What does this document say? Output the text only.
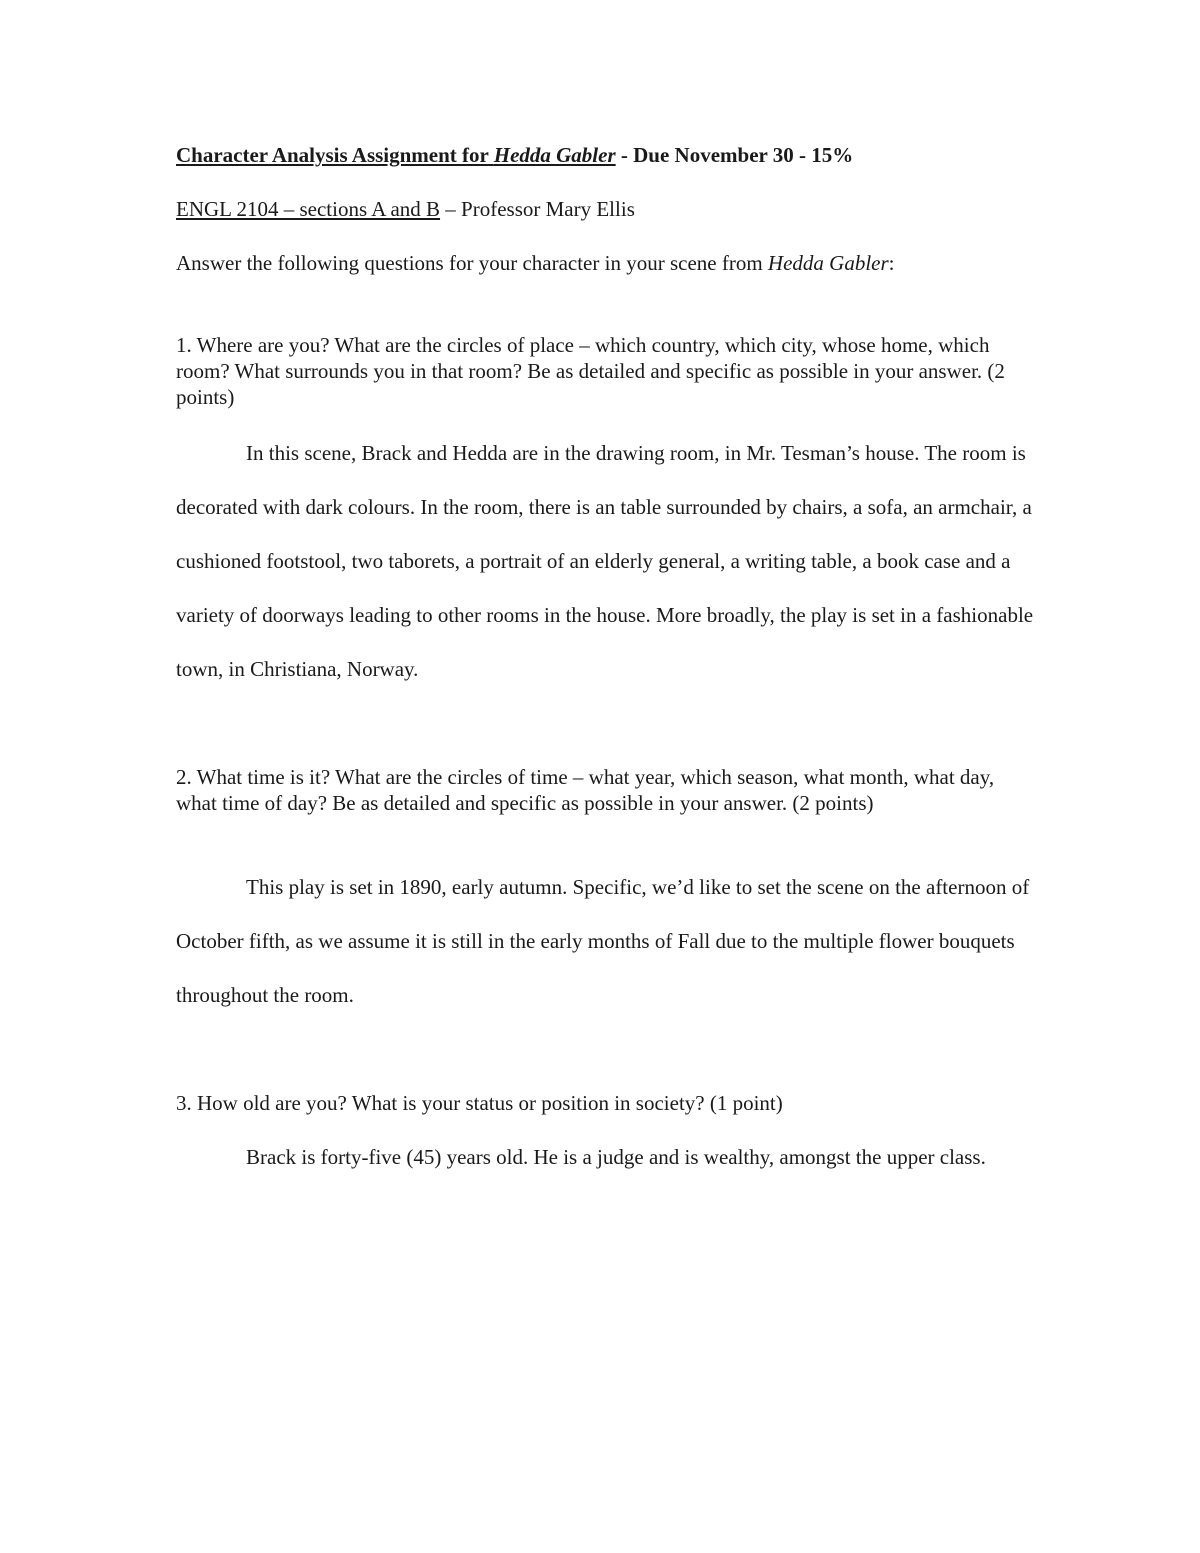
Character Analysis Assignment for Hedda Gabler - Due November 30 - 15%
ENGL 2104 – sections A and B – Professor Mary Ellis
Answer the following questions for your character in your scene from Hedda Gabler:
1. Where are you? What are the circles of place – which country, which city, whose home, which room? What surrounds you in that room? Be as detailed and specific as possible in your answer. (2 points)
In this scene, Brack and Hedda are in the drawing room, in Mr. Tesman’s house. The room is decorated with dark colours. In the room, there is an table surrounded by chairs, a sofa, an armchair, a cushioned footstool, two taborets, a portrait of an elderly general, a writing table, a book case and a variety of doorways leading to other rooms in the house. More broadly, the play is set in a fashionable town, in Christiana, Norway.
2. What time is it? What are the circles of time – what year, which season, what month, what day, what time of day? Be as detailed and specific as possible in your answer. (2 points)
This play is set in 1890, early autumn. Specific, we’d like to set the scene on the afternoon of October fifth, as we assume it is still in the early months of Fall due to the multiple flower bouquets throughout the room.
3. How old are you? What is your status or position in society? (1 point)
Brack is forty-five (45) years old. He is a judge and is wealthy, amongst the upper class.
